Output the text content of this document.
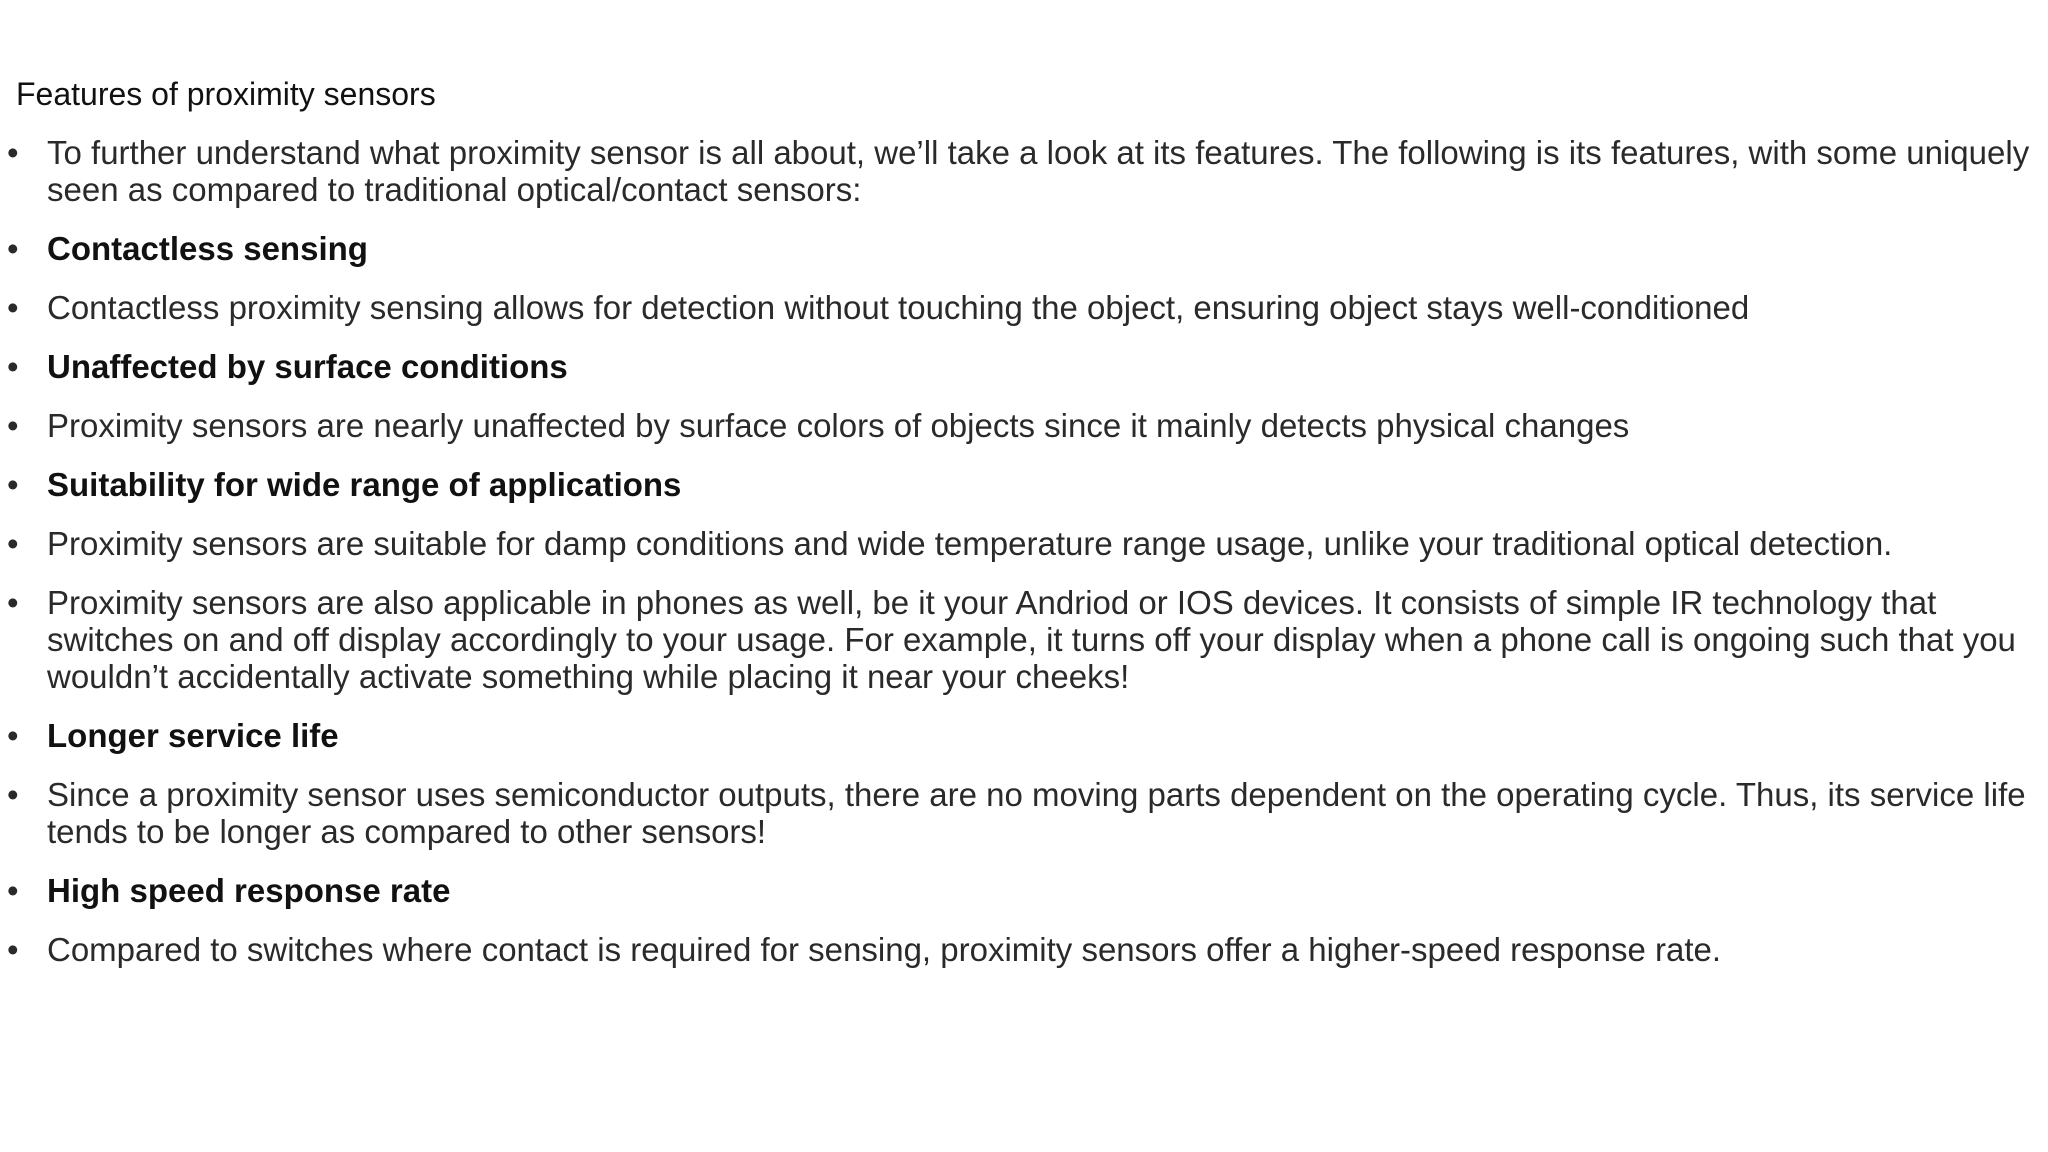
Features of proximity sensors
• To further understand what proximity sensor is all about, we’ll take a look at its features. The following is its features, with some uniquely seen as compared to traditional optical/contact sensors:
• Contactless sensing
• Contactless proximity sensing allows for detection without touching the object, ensuring object stays well-conditioned
• Unaffected by surface conditions
• Proximity sensors are nearly unaffected by surface colors of objects since it mainly detects physical changes
• Suitability for wide range of applications
• Proximity sensors are suitable for damp conditions and wide temperature range usage, unlike your traditional optical detection.
• Proximity sensors are also applicable in phones as well, be it your Andriod or IOS devices. It consists of simple IR technology that switches on and off display accordingly to your usage. For example, it turns off your display when a phone call is ongoing such that you wouldn’t accidentally activate something while placing it near your cheeks!
• Longer service life
• Since a proximity sensor uses semiconductor outputs, there are no moving parts dependent on the operating cycle. Thus, its service life tends to be longer as compared to other sensors!
• High speed response rate
• Compared to switches where contact is required for sensing, proximity sensors offer a higher-speed response rate.
